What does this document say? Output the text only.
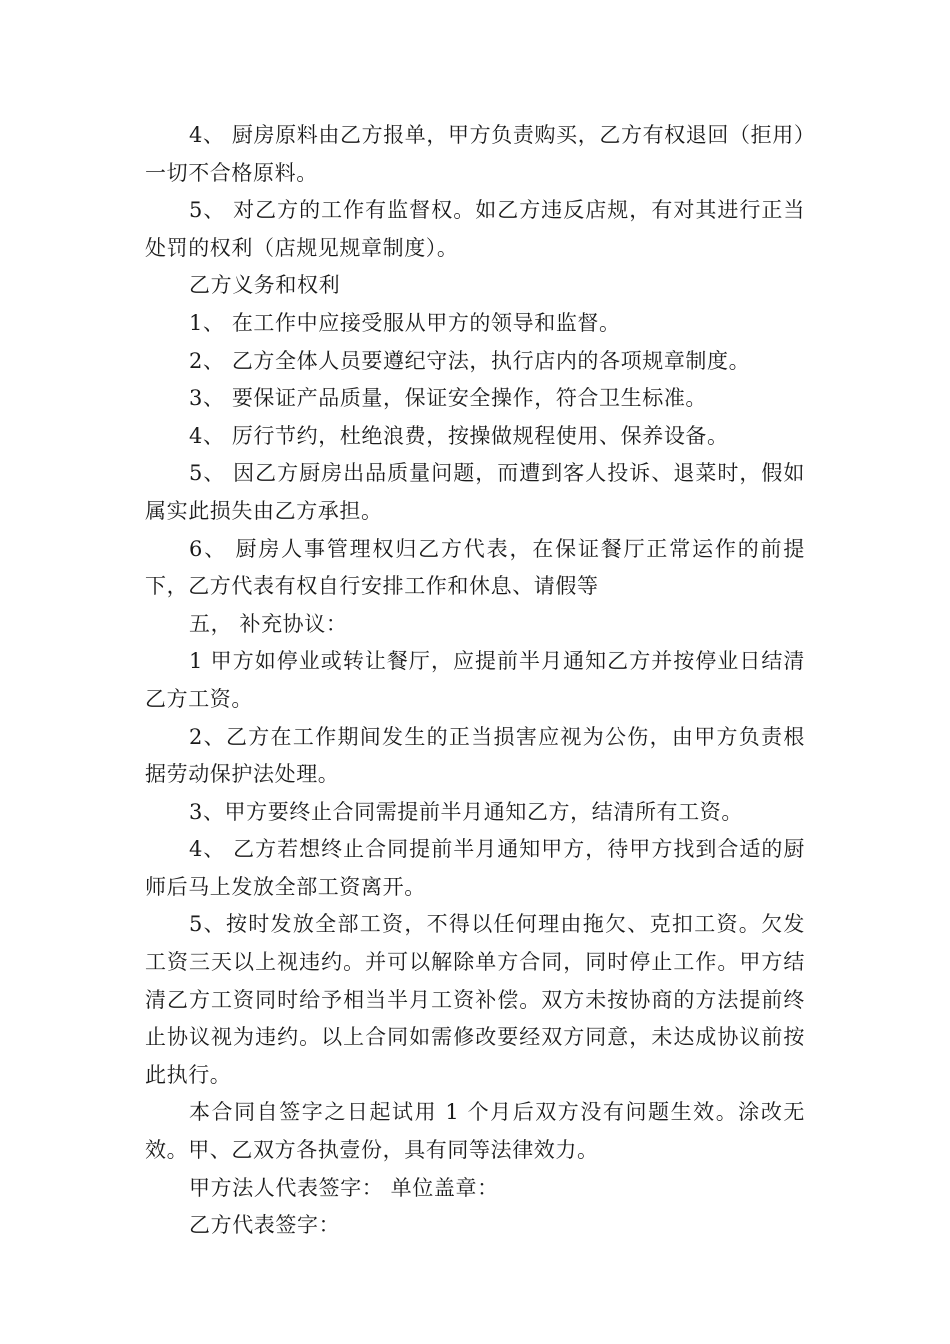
4、 厨房原料由乙方报单，甲方负责购买，乙方有权退回（拒用）一切不合格原料。

5、 对乙方的工作有监督权。如乙方违反店规，有对其进行正当处罚的权利（店规见规章制度）。

乙方义务和权利

1、 在工作中应接受服从甲方的领导和监督。

2、 乙方全体人员要遵纪守法，执行店内的各项规章制度。

3、 要保证产品质量，保证安全操作，符合卫生标准。

4、 厉行节约，杜绝浪费，按操做规程使用、保养设备。

5、 因乙方厨房出品质量问题，而遭到客人投诉、退菜时，假如属实此损失由乙方承担。

6、 厨房人事管理权归乙方代表，在保证餐厅正常运作的前提下，乙方代表有权自行安排工作和休息、请假等

五， 补充协议：

1 甲方如停业或转让餐厅，应提前半月通知乙方并按停业日结清乙方工资。

2、乙方在工作期间发生的正当损害应视为公伤，由甲方负责根据劳动保护法处理。

3、甲方要终止合同需提前半月通知乙方，结清所有工资。

4、 乙方若想终止合同提前半月通知甲方，待甲方找到合适的厨师后马上发放全部工资离开。

5、按时发放全部工资，不得以任何理由拖欠、克扣工资。欠发工资三天以上视违约。并可以解除单方合同，同时停止工作。甲方结清乙方工资同时给予相当半月工资补偿。双方未按协商的方法提前终止协议视为违约。以上合同如需修改要经双方同意，未达成协议前按此执行。

本合同自签字之日起试用 1 个月后双方没有问题生效。涂改无效。甲、乙双方各执壹份，具有同等法律效力。

甲方法人代表签字： 单位盖章：

乙方代表签字：
